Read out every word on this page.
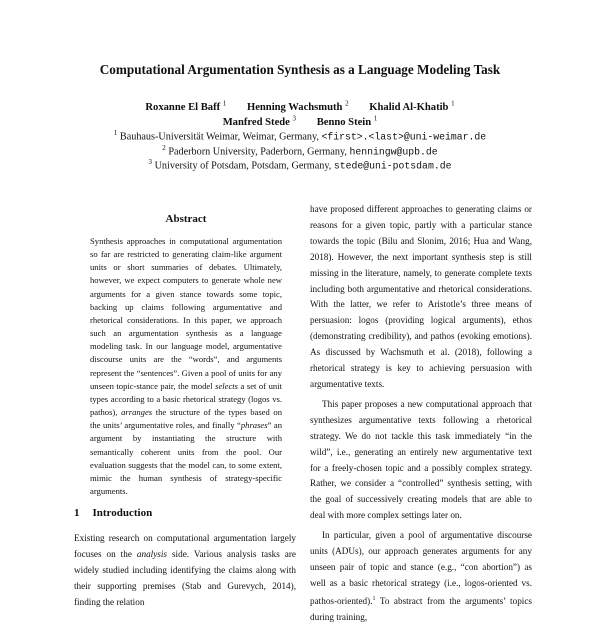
Computational Argumentation Synthesis as a Language Modeling Task
Roxanne El Baff $^1$ Henning Wachsmuth $^2$ Khalid Al-Khatib $^1$
Manfred Stede $^3$ Benno Stein $^1$
$^1$ Bauhaus-Universität Weimar, Weimar, Germany, <first>.<last>@uni-weimar.de
$^2$ Paderborn University, Paderborn, Germany, henningw@upb.de
$^3$ University of Potsdam, Potsdam, Germany, stede@uni-potsdam.de
Abstract
Synthesis approaches in computational argumentation so far are restricted to generating claim-like argument units or short summaries of debates. Ultimately, however, we expect computers to generate whole new arguments for a given stance towards some topic, backing up claims following argumentative and rhetorical considerations. In this paper, we approach such an argumentation synthesis as a language modeling task. In our language model, argumentative discourse units are the “words”, and arguments represent the “sentences”. Given a pool of units for any unseen topic-stance pair, the model selects a set of unit types according to a basic rhetorical strategy (logos vs. pathos), arranges the structure of the types based on the units’ argumentative roles, and finally “phrases” an argument by instantiating the structure with semantically coherent units from the pool. Our evaluation suggests that the model can, to some extent, mimic the human synthesis of strategy-specific arguments.
1 Introduction
Existing research on computational argumentation largely focuses on the analysis side. Various analysis tasks are widely studied including identifying the claims along with their supporting premises (Stab and Gurevych, 2014), finding the relation

have proposed different approaches to generating claims or reasons for a given topic, partly with a particular stance towards the topic (Bilu and Slonim, 2016; Hua and Wang, 2018). However, the next important synthesis step is still missing in the literature, namely, to generate complete texts including both argumentative and rhetorical considerations. With the latter, we refer to Aristotle’s three means of persuasion: logos (providing logical arguments), ethos (demonstrating credibility), and pathos (evoking emotions). As discussed by Wachsmuth et al. (2018), following a rhetorical strategy is key to achieving persuasion with argumentative texts.

This paper proposes a new computational approach that synthesizes argumentative texts following a rhetorical strategy. We do not tackle this task immediately “in the wild”, i.e., generating an entirely new argumentative text for a freely-chosen topic and a possibly complex strategy. Rather, we consider a “controlled” synthesis setting, with the goal of successively creating models that are able to deal with more complex settings later on.

In particular, given a pool of argumentative discourse units (ADUs), our approach generates arguments for any unseen pair of topic and stance (e.g., “con abortion”) as well as a basic rhetorical strategy (i.e., logos-oriented vs. pathos-oriented).$^1$ To abstract from the arguments’ topics during training,
